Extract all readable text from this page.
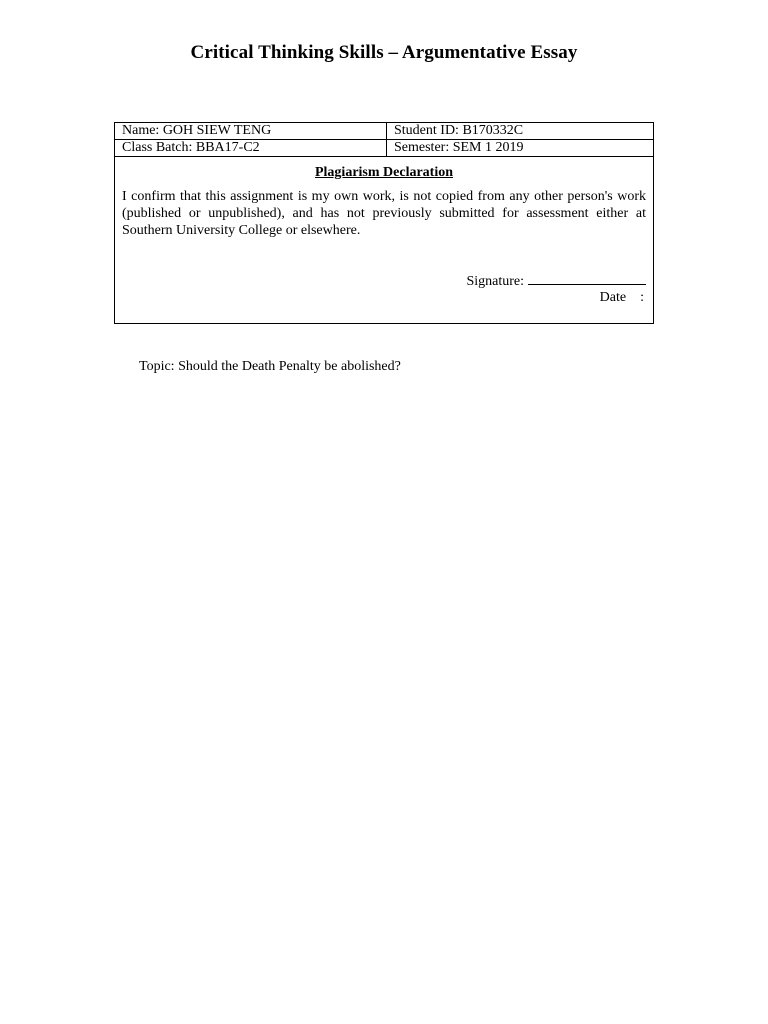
Critical Thinking Skills – Argumentative Essay
Name: GOH SIEW TENG	Student ID: B170332C
Class Batch: BBA17-C2	Semester: SEM 1 2019

Plagiarism Declaration

I confirm that this assignment is my own work, is not copied from any other person's work (published or unpublished), and has not previously submitted for assessment either at Southern University College or elsewhere.

Signature:
Date :	
Topic: Should the Death Penalty be abolished?
